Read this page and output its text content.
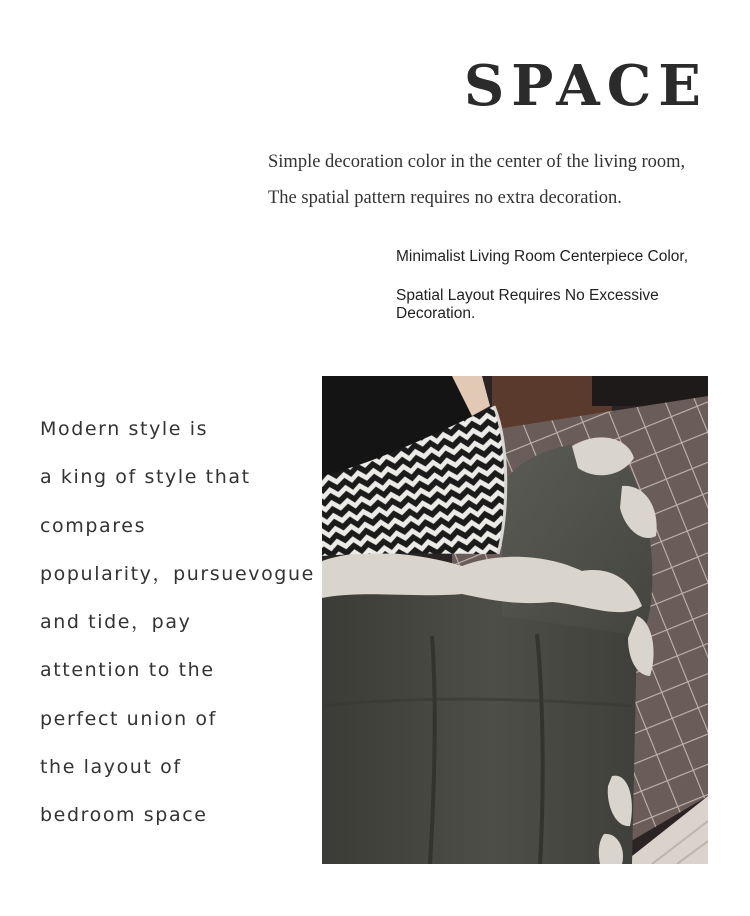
SPACE
Simple decoration color in the center of the living room,
The spatial pattern requires no extra decoration.
Minimalist Living Room Centerpiece Color,
Spatial Layout Requires No Excessive
Decoration.
Modern style is
a king of style that
compares
popularity，pursuevogue
and tide，pay
attention to the
perfect union of
the layout of
bedroom space
